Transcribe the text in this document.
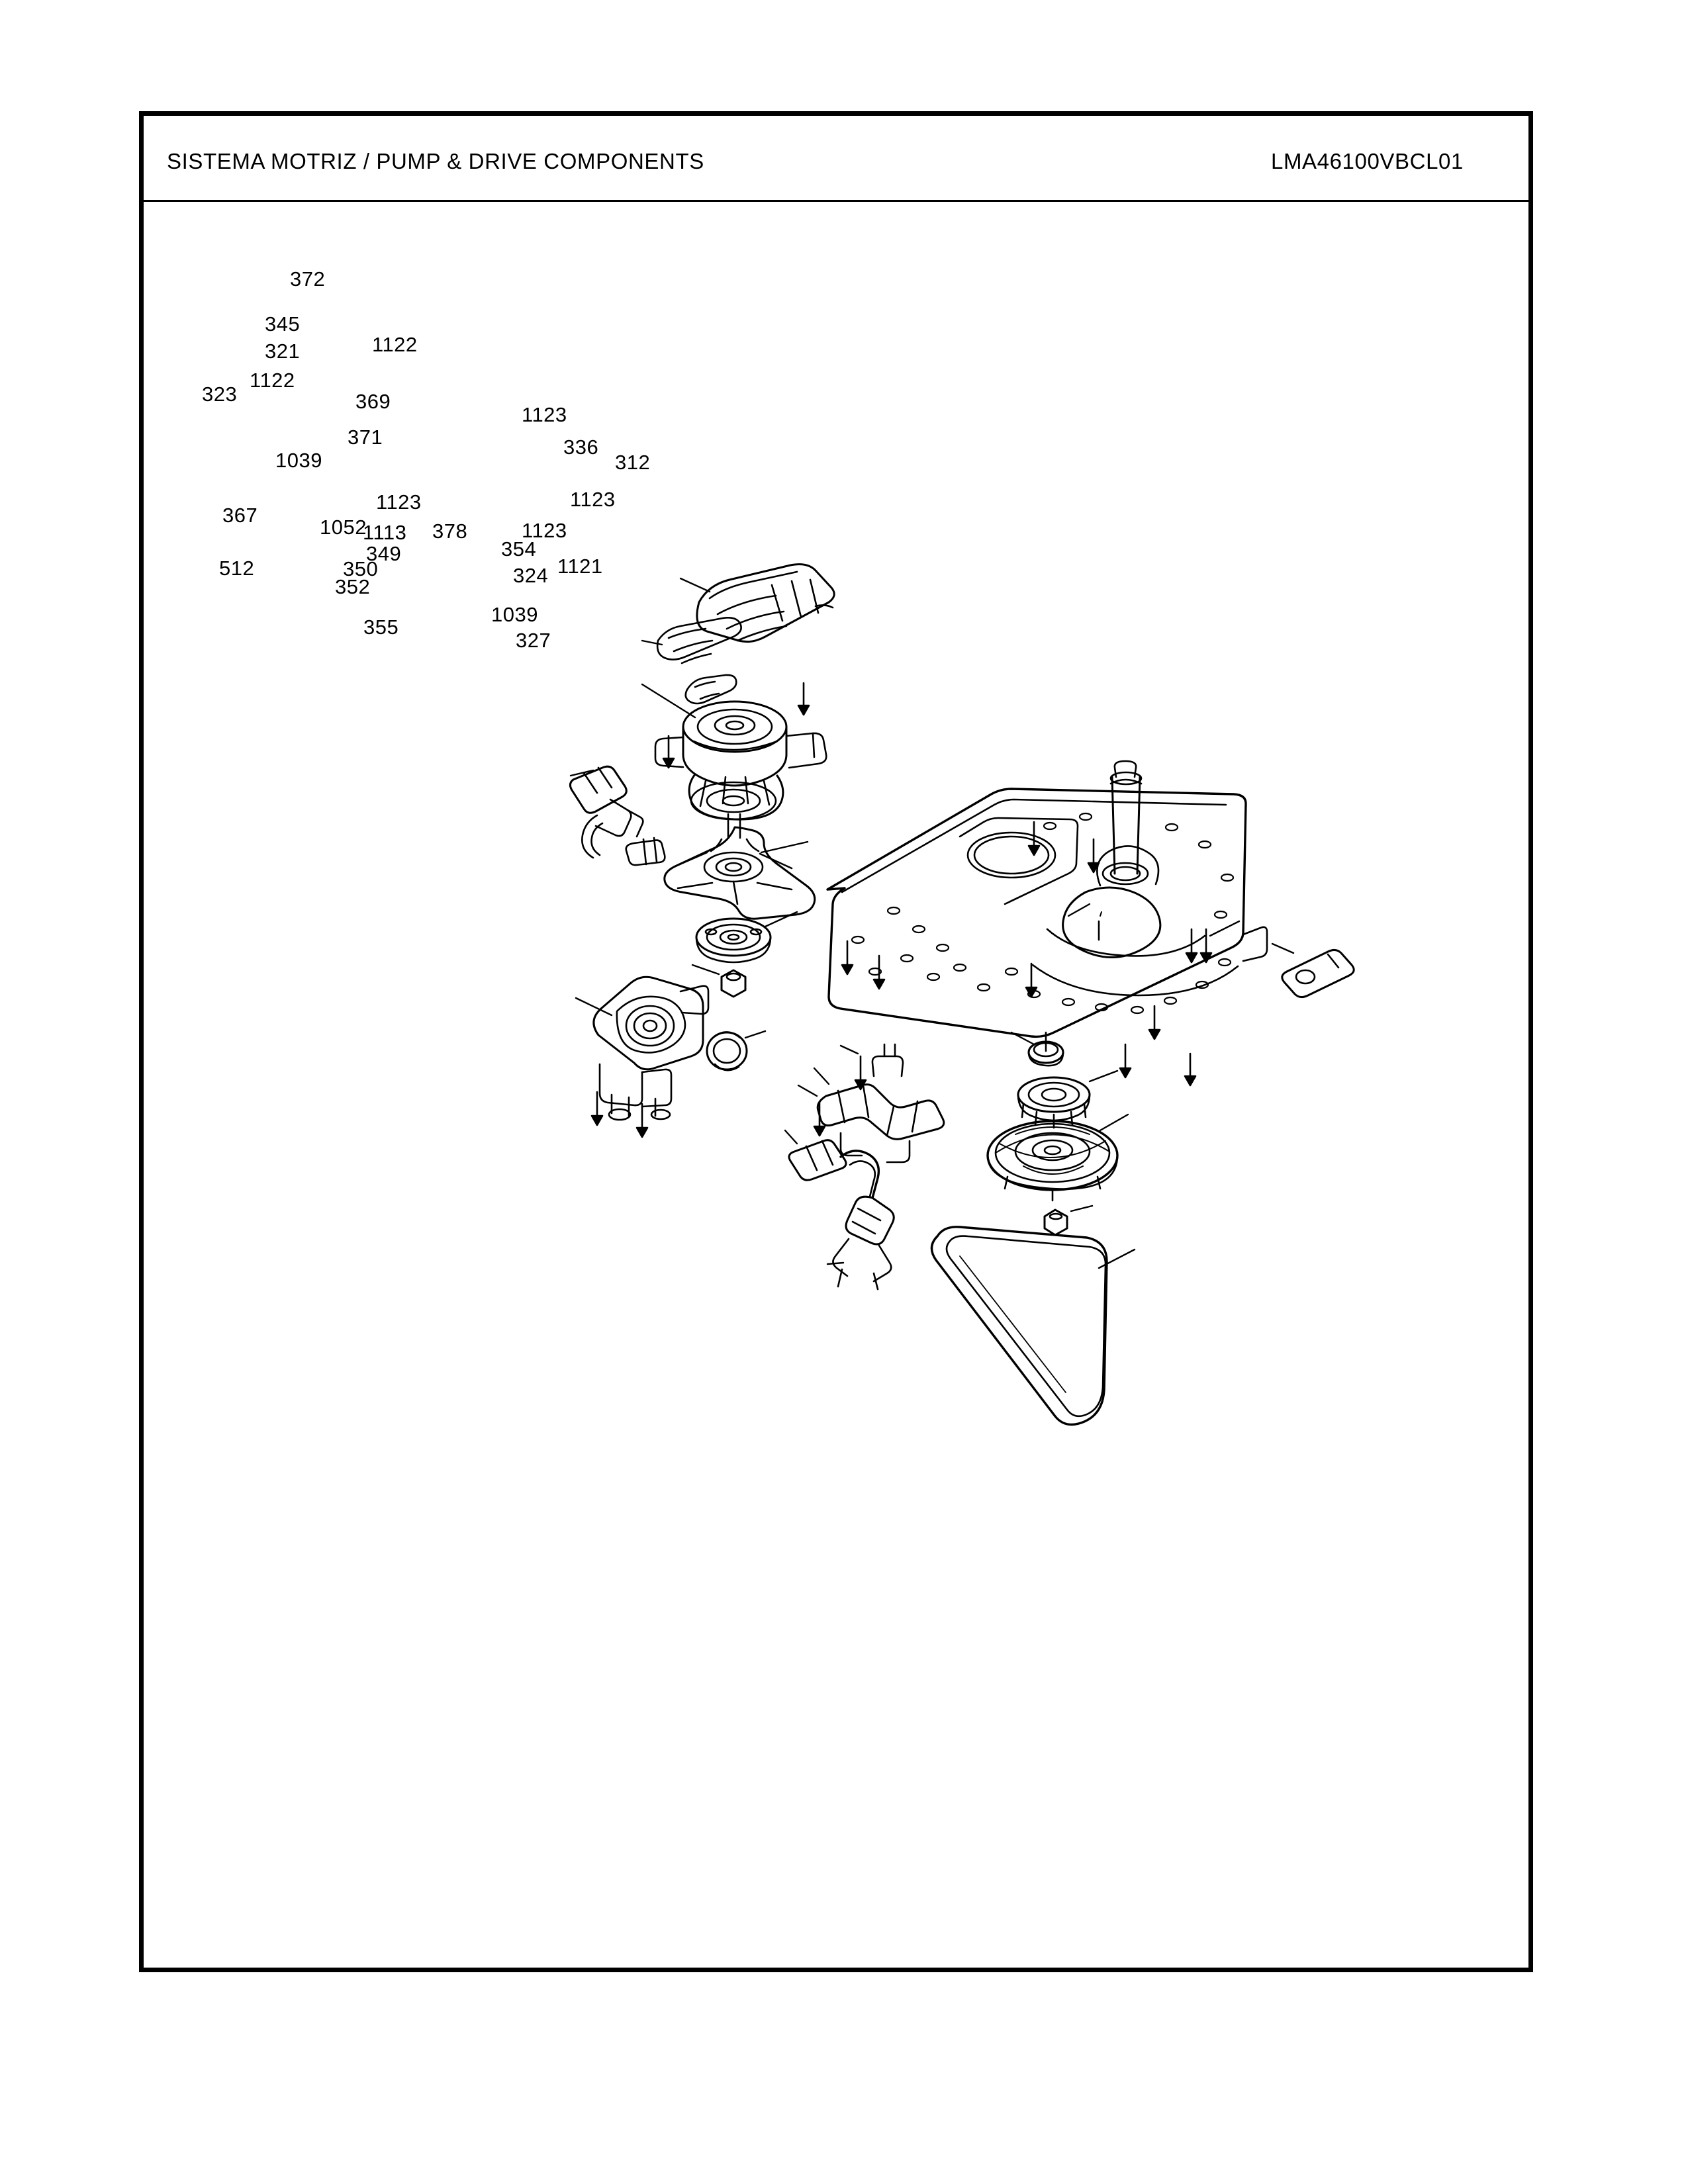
SISTEMA MOTRIZ / PUMP & DRIVE COMPONENTS	LMA46100VBCL01
372
345
321	1122
1122
323	369
371
1039
1123
336
312
1123
1123
1123
367
1052
1113 378
354
1121
349
350
512	324
352
1039
355
327
